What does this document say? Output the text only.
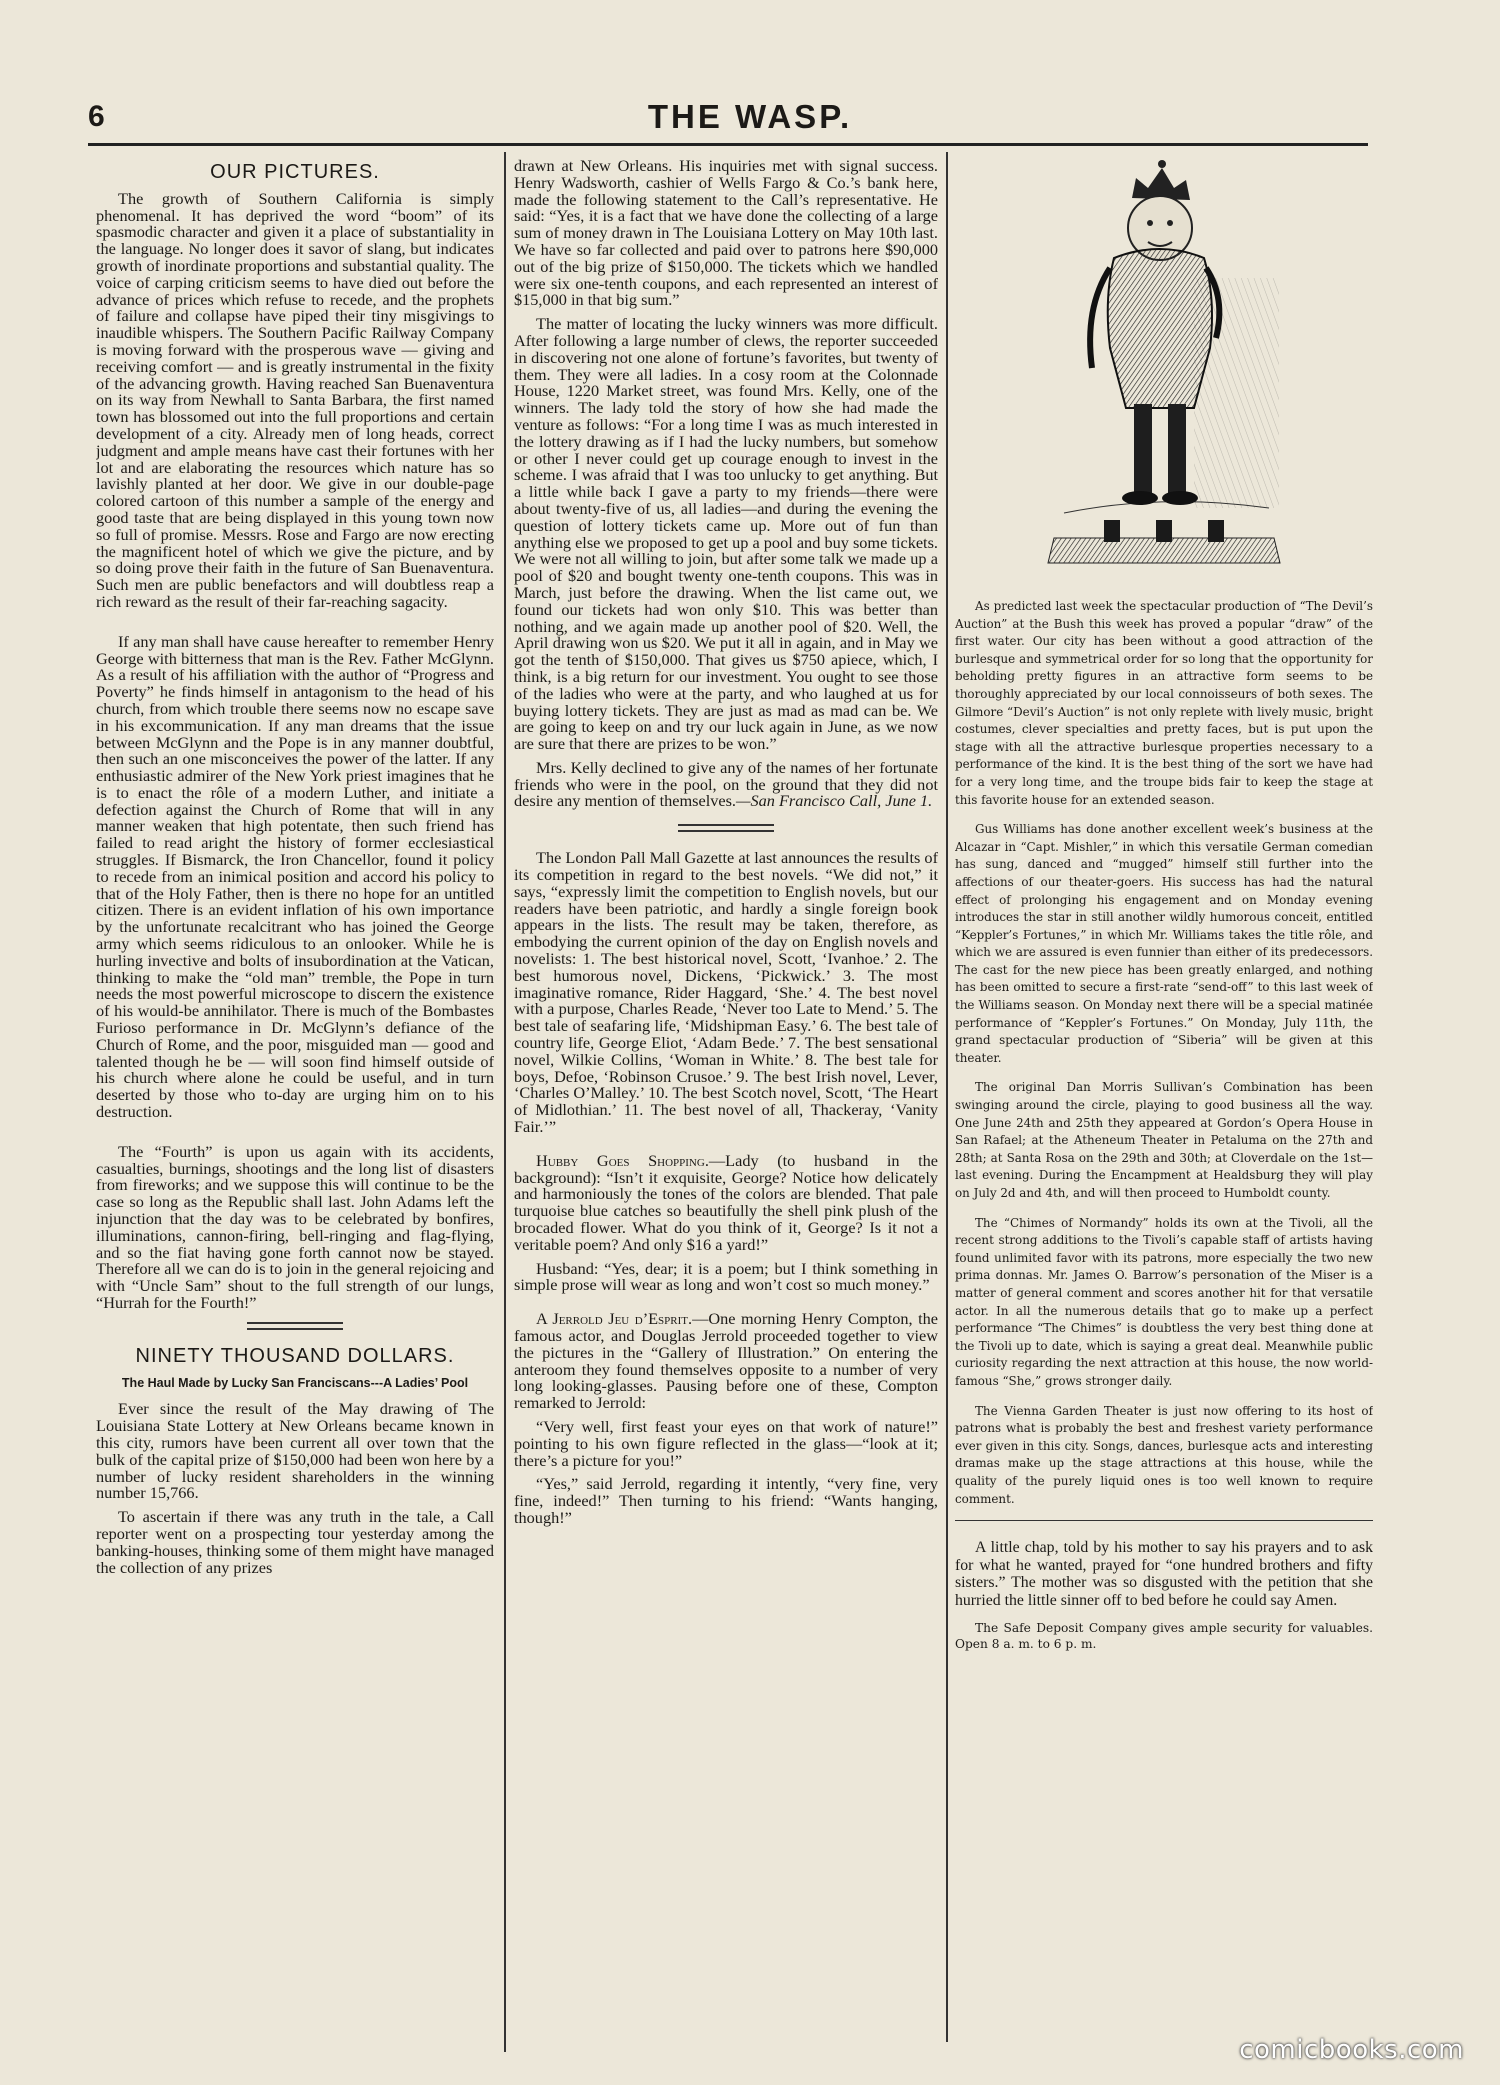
6	THE WASP.
OUR PICTURES.

The growth of Southern California is simply phenomenal. It has deprived the word “boom” of its spasmodic character and given it a place of substantiality in the language. No longer does it savor of slang, but indicates growth of inordinate proportions and substantial quality. The voice of carping criticism seems to have died out before the advance of prices which refuse to recede, and the prophets of failure and collapse have piped their tiny misgivings to inaudible whispers. The Southern Pacific Railway Company is moving forward with the prosperous wave — giving and receiving comfort — and is greatly instrumental in the fixity of the advancing growth. Having reached San Buenaventura on its way from Newhall to Santa Barbara, the first named town has blossomed out into the full proportions and certain development of a city. Already men of long heads, correct judgment and ample means have cast their fortunes with her lot and are elaborating the resources which nature has so lavishly planted at her door. We give in our double-page colored cartoon of this number a sample of the energy and good taste that are being displayed in this young town now so full of promise. Messrs. Rose and Fargo are now erecting the magnificent hotel of which we give the picture, and by so doing prove their faith in the future of San Buenaventura. Such men are public benefactors and will doubtless reap a rich reward as the result of their far-reaching sagacity.

If any man shall have cause hereafter to remember Henry George with bitterness that man is the Rev. Father McGlynn. As a result of his affiliation with the author of “Progress and Poverty” he finds himself in antagonism to the head of his church, from which trouble there seems now no escape save in his excommunication. If any man dreams that the issue between McGlynn and the Pope is in any manner doubtful, then such an one misconceives the power of the latter. If any enthusiastic admirer of the New York priest imagines that he is to enact the rôle of a modern Luther, and initiate a defection against the Church of Rome that will in any manner weaken that high potentate, then such friend has failed to read aright the history of former ecclesiastical struggles. If Bismarck, the Iron Chancellor, found it policy to recede from an inimical position and accord his policy to that of the Holy Father, then is there no hope for an untitled citizen. There is an evident inflation of his own importance by the unfortunate recalcitrant who has joined the George army which seems ridiculous to an onlooker. While he is hurling invective and bolts of insubordination at the Vatican, thinking to make the “old man” tremble, the Pope in turn needs the most powerful microscope to discern the existence of his would-be annihilator. There is much of the Bombastes Furioso performance in Dr. McGlynn’s defiance of the Church of Rome, and the poor, misguided man — good and talented though he be — will soon find himself outside of his church where alone he could be useful, and in turn deserted by those who to-day are urging him on to his destruction.

The “Fourth” is upon us again with its accidents, casualties, burnings, shootings and the long list of disasters from fireworks; and we suppose this will continue to be the case so long as the Republic shall last. John Adams left the injunction that the day was to be celebrated by bonfires, illuminations, cannon-firing, bell-ringing and flag-flying, and so the fiat having gone forth cannot now be stayed. Therefore all we can do is to join in the general rejoicing and with “Uncle Sam” shout to the full strength of our lungs, “Hurrah for the Fourth!”

NINETY THOUSAND DOLLARS.
The Haul Made by Lucky San Franciscans---A Ladies’ Pool

Ever since the result of the May drawing of The Louisiana State Lottery at New Orleans became known in this city, rumors have been current all over town that the bulk of the capital prize of $150,000 had been won here by a number of lucky resident shareholders in the winning number 15,766.

To ascertain if there was any truth in the tale, a Call reporter went on a prospecting tour yesterday among the banking-houses, thinking some of them might have managed the collection of any prizes

drawn at New Orleans. His inquiries met with signal success. Henry Wadsworth, cashier of Wells Fargo & Co.’s bank here, made the following statement to the Call’s representative. He said: “Yes, it is a fact that we have done the collecting of a large sum of money drawn in The Louisiana Lottery on May 10th last. We have so far collected and paid over to patrons here $90,000 out of the big prize of $150,000. The tickets which we handled were six one-tenth coupons, and each represented an interest of $15,000 in that big sum.”

The matter of locating the lucky winners was more difficult. After following a large number of clews, the reporter succeeded in discovering not one alone of fortune’s favorites, but twenty of them. They were all ladies. In a cosy room at the Colonnade House, 1220 Market street, was found Mrs. Kelly, one of the winners. The lady told the story of how she had made the venture as follows: “For a long time I was as much interested in the lottery drawing as if I had the lucky numbers, but somehow or other I never could get up courage enough to invest in the scheme. I was afraid that I was too unlucky to get anything. But a little while back I gave a party to my friends—there were about twenty-five of us, all ladies—and during the evening the question of lottery tickets came up. More out of fun than anything else we proposed to get up a pool and buy some tickets. We were not all willing to join, but after some talk we made up a pool of $20 and bought twenty one-tenth coupons. This was in March, just before the drawing. When the list came out, we found our tickets had won only $10. This was better than nothing, and we again made up another pool of $20. Well, the April drawing won us $20. We put it all in again, and in May we got the tenth of $150,000. That gives us $750 apiece, which, I think, is a big return for our investment. You ought to see those of the ladies who were at the party, and who laughed at us for buying lottery tickets. They are just as mad as mad can be. We are going to keep on and try our luck again in June, as we now are sure that there are prizes to be won.”

Mrs. Kelly declined to give any of the names of her fortunate friends who were in the pool, on the ground that they did not desire any mention of themselves.—San Francisco Call, June 1.

The London Pall Mall Gazette at last announces the results of its competition in regard to the best novels. “We did not,” it says, “expressly limit the competition to English novels, but our readers have been patriotic, and hardly a single foreign book appears in the lists. The result may be taken, therefore, as embodying the current opinion of the day on English novels and novelists: 1. The best historical novel, Scott, ‘Ivanhoe.’ 2. The best humorous novel, Dickens, ‘Pickwick.’ 3. The most imaginative romance, Rider Haggard, ‘She.’ 4. The best novel with a purpose, Charles Reade, ‘Never too Late to Mend.’ 5. The best tale of seafaring life, ‘Midshipman Easy.’ 6. The best tale of country life, George Eliot, ‘Adam Bede.’ 7. The best sensational novel, Wilkie Collins, ‘Woman in White.’ 8. The best tale for boys, Defoe, ‘Robinson Crusoe.’ 9. The best Irish novel, Lever, ‘Charles O’Malley.’ 10. The best Scotch novel, Scott, ‘The Heart of Midlothian.’ 11. The best novel of all, Thackeray, ‘Vanity Fair.’”

Hubby Goes Shopping.—Lady (to husband in the background): “Isn’t it exquisite, George? Notice how delicately and harmoniously the tones of the colors are blended. That pale turquoise blue catches so beautifully the shell pink plush of the brocaded flower. What do you think of it, George? Is it not a veritable poem? And only $16 a yard!”

Husband: “Yes, dear; it is a poem; but I think something in simple prose will wear as long and won’t cost so much money.”

A Jerrold Jeu d’Esprit.—One morning Henry Compton, the famous actor, and Douglas Jerrold proceeded together to view the pictures in the “Gallery of Illustration.” On entering the anteroom they found themselves opposite to a number of very long looking-glasses. Pausing before one of these, Compton remarked to Jerrold:

“Very well, first feast your eyes on that work of nature!” pointing to his own figure reflected in the glass—“look at it; there’s a picture for you!”

“Yes,” said Jerrold, regarding it intently, “very fine, very fine, indeed!” Then turning to his friend: “Wants hanging, though!”

As predicted last week the spectacular production of “The Devil’s Auction” at the Bush this week has proved a popular “draw” of the first water. Our city has been without a good attraction of the burlesque and symmetrical order for so long that the opportunity for beholding pretty figures in an attractive form seems to be thoroughly appreciated by our local connoisseurs of both sexes. The Gilmore “Devil’s Auction” is not only replete with lively music, bright costumes, clever specialties and pretty faces, but is put upon the stage with all the attractive burlesque properties necessary to a performance of the kind. It is the best thing of the sort we have had for a very long time, and the troupe bids fair to keep the stage at this favorite house for an extended season.

Gus Williams has done another excellent week’s business at the Alcazar in “Capt. Mishler,” in which this versatile German comedian has sung, danced and “mugged” himself still further into the affections of our theater-goers. His success has had the natural effect of prolonging his engagement and on Monday evening introduces the star in still another wildly humorous conceit, entitled “Keppler’s Fortunes,” in which Mr. Williams takes the title rôle, and which we are assured is even funnier than either of its predecessors. The cast for the new piece has been greatly enlarged, and nothing has been omitted to secure a first-rate “send-off” to this last week of the Williams season. On Monday next there will be a special matinée performance of “Keppler’s Fortunes.” On Monday, July 11th, the grand spectacular production of “Siberia” will be given at this theater.

The original Dan Morris Sullivan’s Combination has been swinging around the circle, playing to good business all the way. One June 24th and 25th they appeared at Gordon’s Opera House in San Rafael; at the Atheneum Theater in Petaluma on the 27th and 28th; at Santa Rosa on the 29th and 30th; at Cloverdale on the 1st—last evening. During the Encampment at Healdsburg they will play on July 2d and 4th, and will then proceed to Humboldt county.

The “Chimes of Normandy” holds its own at the Tivoli, all the recent strong additions to the Tivoli’s capable staff of artists having found unlimited favor with its patrons, more especially the two new prima donnas. Mr. James O. Barrow’s personation of the Miser is a matter of general comment and scores another hit for that versatile actor. In all the numerous details that go to make up a perfect performance “The Chimes” is doubtless the very best thing done at the Tivoli up to date, which is saying a great deal. Meanwhile public curiosity regarding the next attraction at this house, the now world-famous “She,” grows stronger daily.

The Vienna Garden Theater is just now offering to its host of patrons what is probably the best and freshest variety performance ever given in this city. Songs, dances, burlesque acts and interesting dramas make up the stage attractions at this house, while the quality of the purely liquid ones is too well known to require comment.

A little chap, told by his mother to say his prayers and to ask for what he wanted, prayed for “one hundred brothers and fifty sisters.” The mother was so disgusted with the petition that she hurried the little sinner off to bed before he could say Amen.

The Safe Deposit Company gives ample security for valuables. Open 8 a. m. to 6 p. m.

comicbooks.com
